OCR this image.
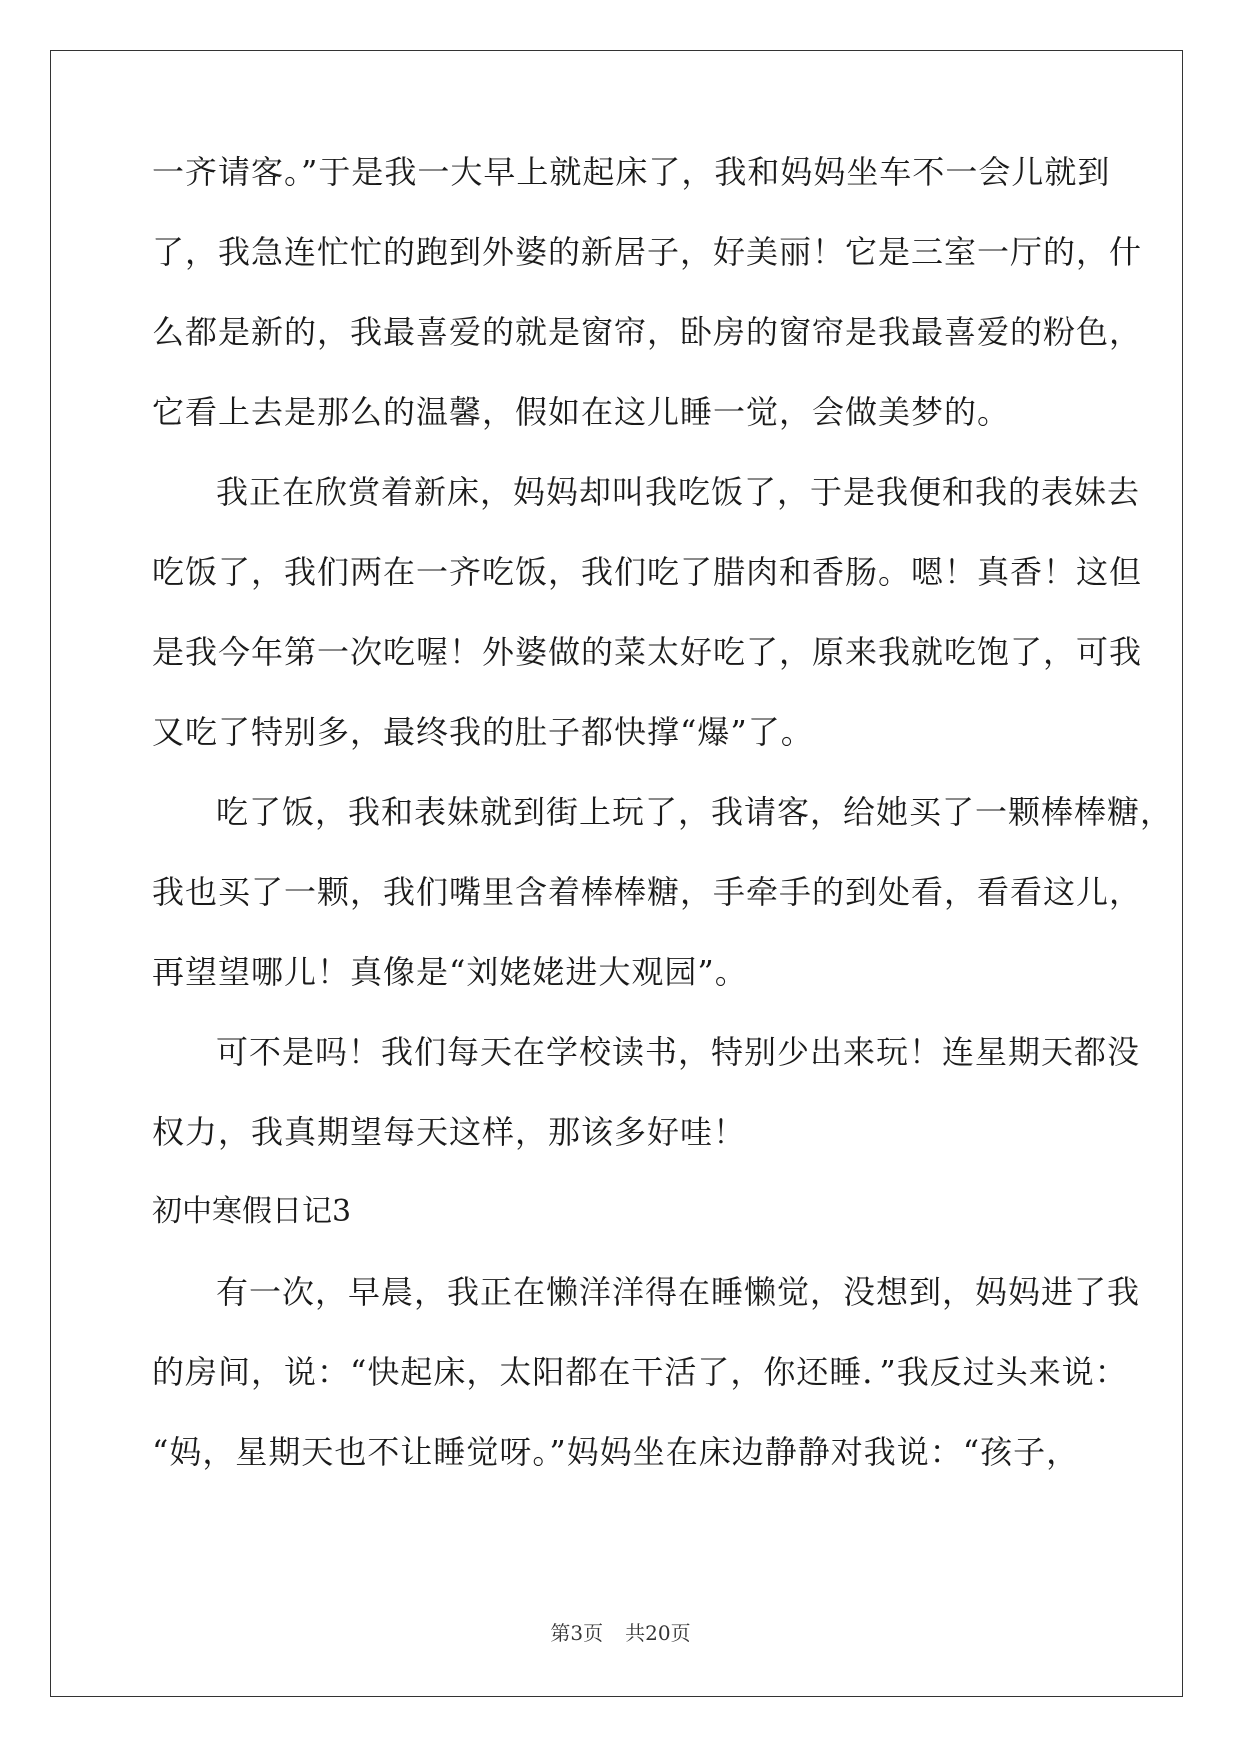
一齐请客。”于是我一大早上就起床了，我和妈妈坐车不一会儿就到
了，我急连忙忙的跑到外婆的新居子，好美丽！它是三室一厅的，什
么都是新的，我最喜爱的就是窗帘，卧房的窗帘是我最喜爱的粉色，
它看上去是那么的温馨，假如在这儿睡一觉，会做美梦的。
我正在欣赏着新床，妈妈却叫我吃饭了，于是我便和我的表妹去
吃饭了，我们两在一齐吃饭，我们吃了腊肉和香肠。嗯！真香！这但
是我今年第一次吃喔！外婆做的菜太好吃了，原来我就吃饱了，可我
又吃了特别多，最终我的肚子都快撑“爆”了。
吃了饭，我和表妹就到街上玩了，我请客，给她买了一颗棒棒糖，
我也买了一颗，我们嘴里含着棒棒糖，手牵手的到处看，看看这儿，
再望望哪儿！真像是“刘姥姥进大观园”。
可不是吗！我们每天在学校读书，特别少出来玩！连星期天都没
权力，我真期望每天这样，那该多好哇！
初中寒假日记3
有一次，早晨，我正在懒洋洋得在睡懒觉，没想到，妈妈进了我
的房间，说：“快起床，太阳都在干活了，你还睡．”我反过头来说：
“妈，星期天也不让睡觉呀。”妈妈坐在床边静静对我说：“孩子，
第3页 共20页
